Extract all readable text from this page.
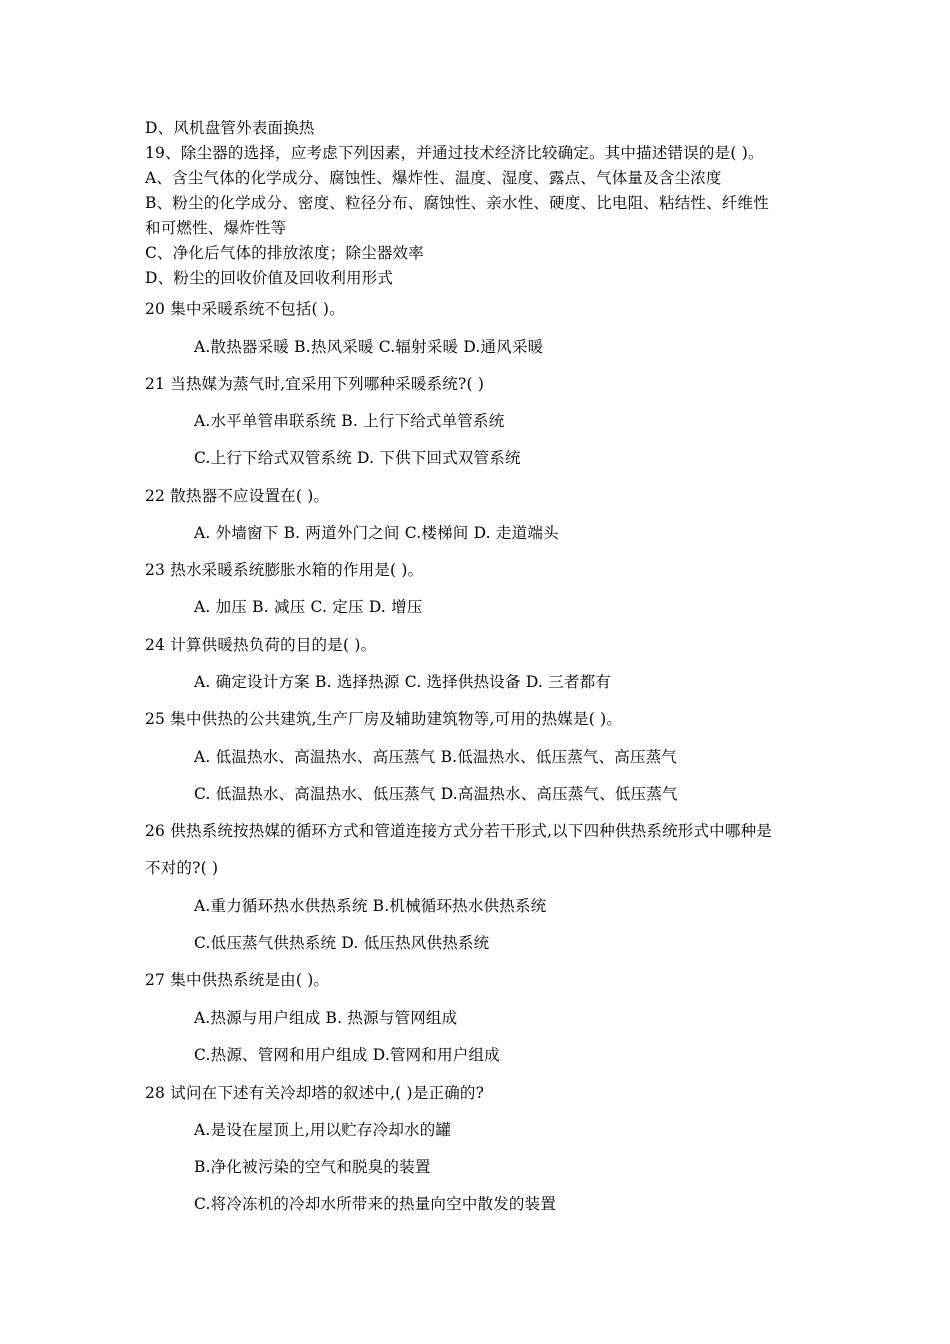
D、风机盘管外表面换热
19、除尘器的选择，应考虑下列因素，并通过技术经济比较确定。其中描述错误的是( )。
A、含尘气体的化学成分、腐蚀性、爆炸性、温度、湿度、露点、气体量及含尘浓度
B、粉尘的化学成分、密度、粒径分布、腐蚀性、亲水性、硬度、比电阻、粘结性、纤维性
和可燃性、爆炸性等
C、净化后气体的排放浓度；除尘器效率
D、粉尘的回收价值及回收利用形式
20 集中采暖系统不包括( )。
A.散热器采暖 B.热风采暖 C.辐射采暖 D.通风采暖
21 当热媒为蒸气时,宜采用下列哪种采暖系统?( )
A.水平单管串联系统 B. 上行下给式单管系统
C.上行下给式双管系统 D. 下供下回式双管系统
22 散热器不应设置在( )。
A. 外墙窗下 B. 两道外门之间 C.楼梯间 D. 走道端头
23 热水采暖系统膨胀水箱的作用是( )。
A. 加压 B. 减压 C. 定压 D. 增压
24 计算供暖热负荷的目的是( )。
A. 确定设计方案 B. 选择热源 C. 选择供热设备 D. 三者都有
25 集中供热的公共建筑,生产厂房及辅助建筑物等,可用的热媒是( )。
A. 低温热水、高温热水、高压蒸气 B.低温热水、低压蒸气、高压蒸气
C. 低温热水、高温热水、低压蒸气 D.高温热水、高压蒸气、低压蒸气
26 供热系统按热媒的循环方式和管道连接方式分若干形式,以下四种供热系统形式中哪种是
不对的?( )
A.重力循环热水供热系统 B.机械循环热水供热系统
C.低压蒸气供热系统 D. 低压热风供热系统
27 集中供热系统是由( )。
A.热源与用户组成 B. 热源与管网组成
C.热源、管网和用户组成 D.管网和用户组成
28 试问在下述有关冷却塔的叙述中,( )是正确的?
A.是设在屋顶上,用以贮存冷却水的罐
B.净化被污染的空气和脱臭的装置
C.将冷冻机的冷却水所带来的热量向空中散发的装置
